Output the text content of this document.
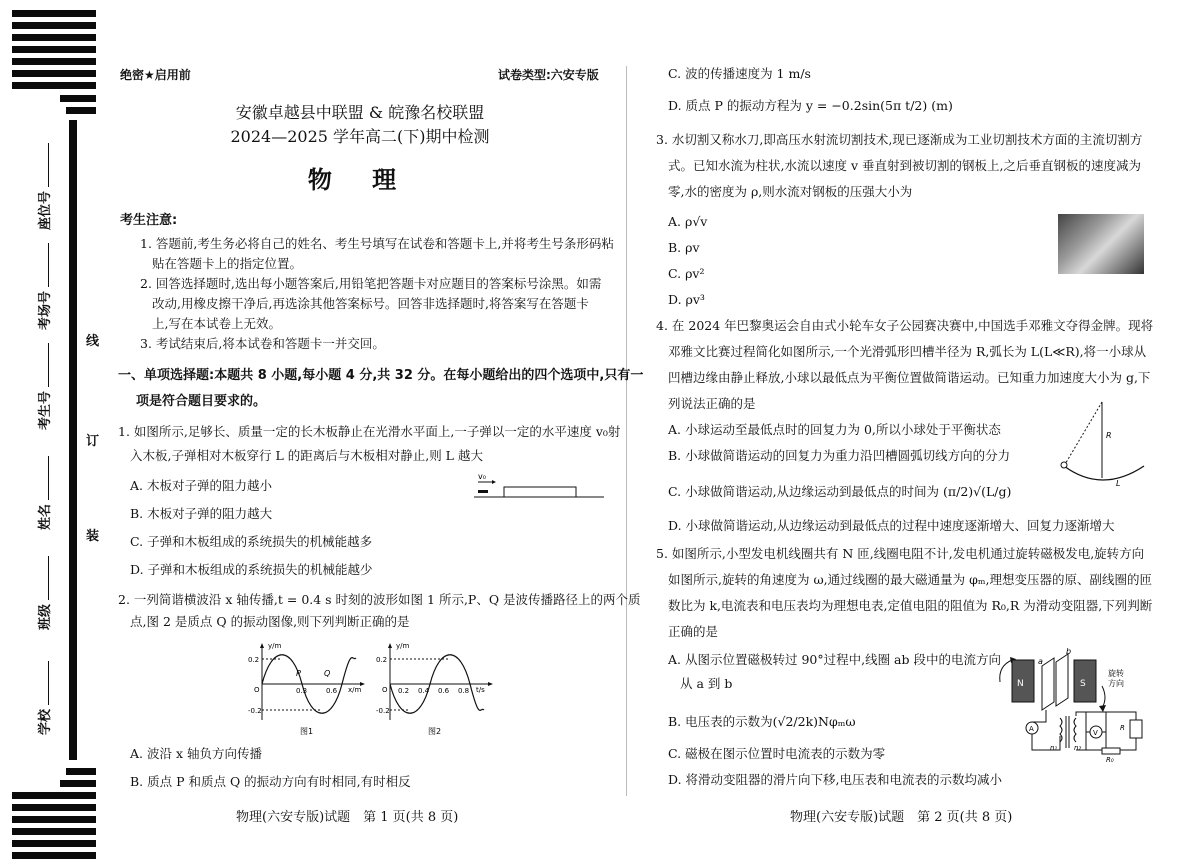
座位号
考场号
考生号
姓名
班级
学校
线
订
装
绝密★启用前	试卷类型:六安专版
安徽卓越县中联盟 & 皖豫名校联盟
2024—2025 学年高二(下)期中检测
物 理
考生注意:
1. 答题前,考生务必将自己的姓名、考生号填写在试卷和答题卡上,并将考生号条形码粘
贴在答题卡上的指定位置。
2. 回答选择题时,选出每小题答案后,用铅笔把答题卡对应题目的答案标号涂黑。如需
改动,用橡皮擦干净后,再选涂其他答案标号。回答非选择题时,将答案写在答题卡
上,写在本试卷上无效。
3. 考试结束后,将本试卷和答题卡一并交回。
一、单项选择题:本题共 8 小题,每小题 4 分,共 32 分。在每小题给出的四个选项中,只有一
项是符合题目要求的。
1. 如图所示,足够长、质量一定的长木板静止在光滑水平面上,一子弹以一定的水平速度 v₀射
入木板,子弹相对木板穿行 L 的距离后与木板相对静止,则 L 越大
A. 木板对子弹的阻力越小
B. 木板对子弹的阻力越大
C. 子弹和木板组成的系统损失的机械能越多
D. 子弹和木板组成的系统损失的机械能越少
v₀
2. 一列简谐横波沿 x 轴传播,t = 0.4 s 时刻的波形如图 1 所示,P、Q 是波传播路径上的两个质
点,图 2 是质点 Q 的振动图像,则下列判断正确的是
y/m
0.2
-0.2
O
P	Q
0.3	0.6 x/m
图1
y/m
0.2
-0.2
O 0.2 0.4 0.6 0.8 t/s
图2
A. 波沿 x 轴负方向传播
B. 质点 P 和质点 Q 的振动方向有时相同,有时相反
C. 波的传播速度为 1 m/s
D. 质点 P 的振动方程为 y = −0.2sin(5π t/2) (m)
3. 水切割又称水刀,即高压水射流切割技术,现已逐渐成为工业切割技术方面的主流切割方
式。已知水流为柱状,水流以速度 v 垂直射到被切割的钢板上,之后垂直钢板的速度减为
零,水的密度为 ρ,则水流对钢板的压强大小为
A. ρ√v
B. ρv
C. ρv²
D. ρv³
4. 在 2024 年巴黎奥运会自由式小轮车女子公园赛决赛中,中国选手邓雅文夺得金牌。现将
邓雅文比赛过程简化如图所示,一个光滑弧形凹槽半径为 R,弧长为 L(L≪R),将一小球从
凹槽边缘由静止释放,小球以最低点为平衡位置做简谐运动。已知重力加速度大小为 g,下
列说法正确的是
A. 小球运动至最低点时的回复力为 0,所以小球处于平衡状态
B. 小球做简谐运动的回复力为重力沿凹槽圆弧切线方向的分力
C. 小球做简谐运动,从边缘运动到最低点的时间为 (π/2)√(L/g)
D. 小球做简谐运动,从边缘运动到最低点的过程中速度逐渐增大、回复力逐渐增大
R
L
5. 如图所示,小型发电机线圈共有 N 匝,线圈电阻不计,发电机通过旋转磁极发电,旋转方向
如图所示,旋转的角速度为 ω,通过线圈的最大磁通量为 φₘ,理想变压器的原、副线圈的匝
数比为 k,电流表和电压表均为理想电表,定值电阻的阻值为 R₀,R 为滑动变阻器,下列判断
正确的是
A. 从图示位置磁极转过 90°过程中,线圈 ab 段中的电流方向
从 a 到 b
B. 电压表的示数为(√2/2k)Nφₘω
C. 磁极在图示位置时电流表的示数为零
D. 将滑动变阻器的滑片向下移,电压表和电流表的示数均减小
N	S
a
b
旋转
方向
A
n₁ n₂
V
R
R₀
物理(六安专版)试题　第 1 页(共 8 页)	物理(六安专版)试题　第 2 页(共 8 页)
